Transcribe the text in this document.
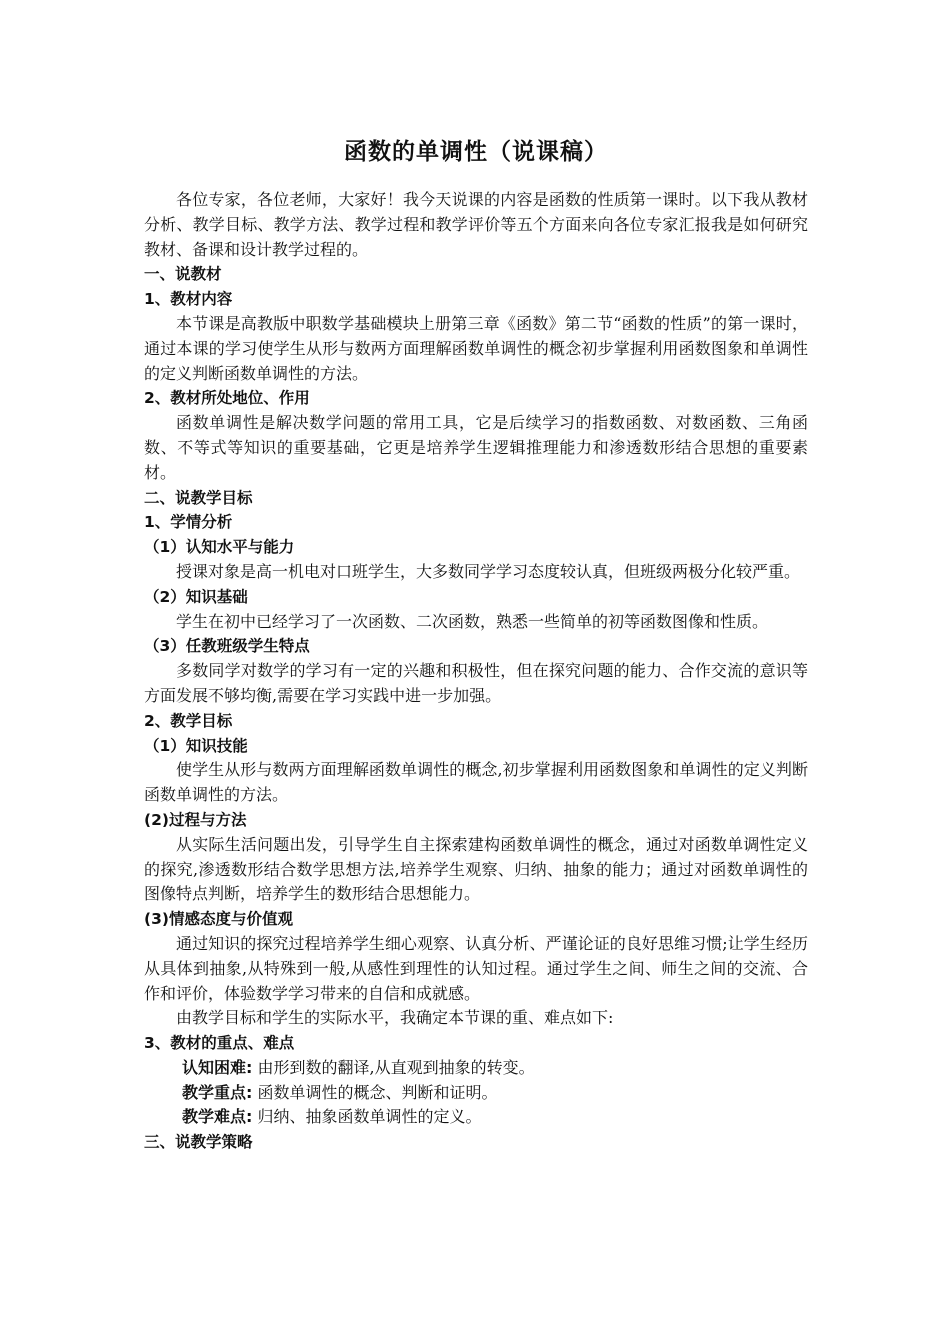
函数的单调性（说课稿）

各位专家，各位老师，大家好！我今天说课的内容是函数的性质第一课时。以下我从教材分析、教学目标、教学方法、教学过程和教学评价等五个方面来向各位专家汇报我是如何研究教材、备课和设计教学过程的。

一、说教材

1、教材内容

本节课是高教版中职数学基础模块上册第三章《函数》第二节“函数的性质”的第一课时，通过本课的学习使学生从形与数两方面理解函数单调性的概念初步掌握利用函数图象和单调性的定义判断函数单调性的方法。

2、教材所处地位、作用

函数单调性是解决数学问题的常用工具，它是后续学习的指数函数、对数函数、三角函数、不等式等知识的重要基础，它更是培养学生逻辑推理能力和渗透数形结合思想的重要素材。

二、说教学目标

1、学情分析

（1）认知水平与能力

授课对象是高一机电对口班学生，大多数同学学习态度较认真，但班级两极分化较严重。

（2）知识基础

学生在初中已经学习了一次函数、二次函数，熟悉一些简单的初等函数图像和性质。

（3）任教班级学生特点

多数同学对数学的学习有一定的兴趣和积极性，但在探究问题的能力、合作交流的意识等方面发展不够均衡,需要在学习实践中进一步加强。

2、教学目标

（1）知识技能

使学生从形与数两方面理解函数单调性的概念,初步掌握利用函数图象和单调性的定义判断函数单调性的方法。

(2)过程与方法

从实际生活问题出发，引导学生自主探索建构函数单调性的概念，通过对函数单调性定义的探究,渗透数形结合数学思想方法,培养学生观察、归纳、抽象的能力；通过对函数单调性的图像特点判断，培养学生的数形结合思想能力。

(3)情感态度与价值观

通过知识的探究过程培养学生细心观察、认真分析、严谨论证的良好思维习惯;让学生经历从具体到抽象,从特殊到一般,从感性到理性的认知过程。通过学生之间、师生之间的交流、合作和评价，体验数学学习带来的自信和成就感。

由教学目标和学生的实际水平，我确定本节课的重、难点如下:

3、教材的重点、难点

认知困难: 由形到数的翻译,从直观到抽象的转变。

教学重点: 函数单调性的概念、判断和证明。

教学难点: 归纳、抽象函数单调性的定义。

三、说教学策略
